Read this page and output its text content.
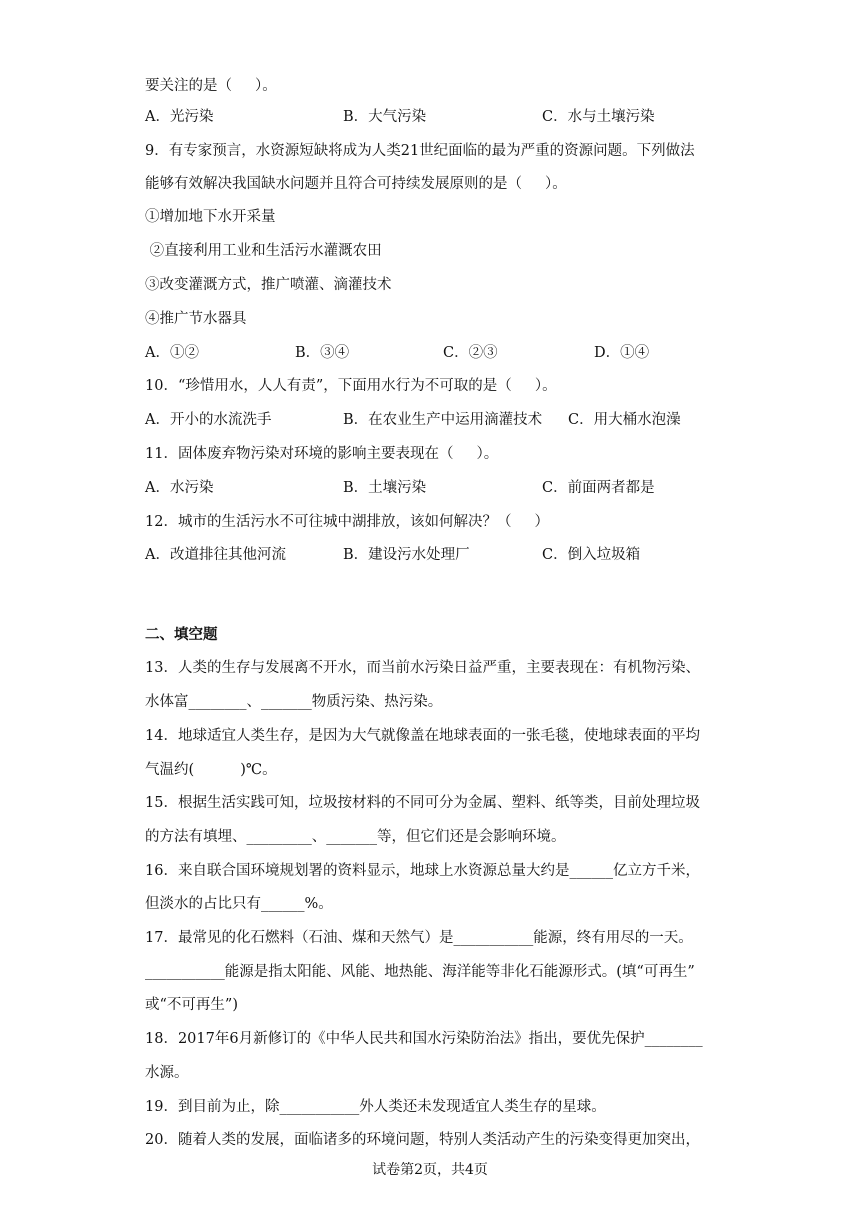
要关注的是（     ）。
A．光污染	B．大气污染	C．水与土壤污染
9．有专家预言，水资源短缺将成为人类21世纪面临的最为严重的资源问题。下列做法
能够有效解决我国缺水问题并且符合可持续发展原则的是（     ）。
①增加地下水开采量
②直接利用工业和生活污水灌溉农田
③改变灌溉方式，推广喷灌、滴灌技术
④推广节水器具
A．①②	B．③④	C．②③	D．①④
10．“珍惜用水，人人有责”，下面用水行为不可取的是（     ）。
A．开小的水流洗手	B．在农业生产中运用滴灌技术 C．用大桶水泡澡
11．固体废弃物污染对环境的影响主要表现在（     ）。
A．水污染	B．土壤污染	C．前面两者都是
12．城市的生活污水不可往城中湖排放，该如何解决？（     ）
A．改道排往其他河流	B．建设污水处理厂	C．倒入垃圾箱
二、填空题
13．人类的生存与发展离不开水，而当前水污染日益严重，主要表现在：有机物污染、
水体富________、_______物质污染、热污染。
14．地球适宜人类生存，是因为大气就像盖在地球表面的一张毛毯，使地球表面的平均
气温约(          )℃。
15．根据生活实践可知，垃圾按材料的不同可分为金属、塑料、纸等类，目前处理垃圾
的方法有填埋、_________、_______等，但它们还是会影响环境。
16．来自联合国环境规划署的资料显示，地球上水资源总量大约是______亿立方千米，
但淡水的占比只有______%。
17．最常见的化石燃料（石油、煤和天然气）是___________能源，终有用尽的一天。
___________能源是指太阳能、风能、地热能、海洋能等非化石能源形式。(填“可再生”
或“不可再生”)
18．2017年6月新修订的《中华人民共和国水污染防治法》指出，要优先保护________
水源。
19．到目前为止，除___________外人类还未发现适宜人类生存的星球。
20．随着人类的发展，面临诸多的环境问题，特别人类活动产生的污染变得更加突出，
试卷第2页，共4页
